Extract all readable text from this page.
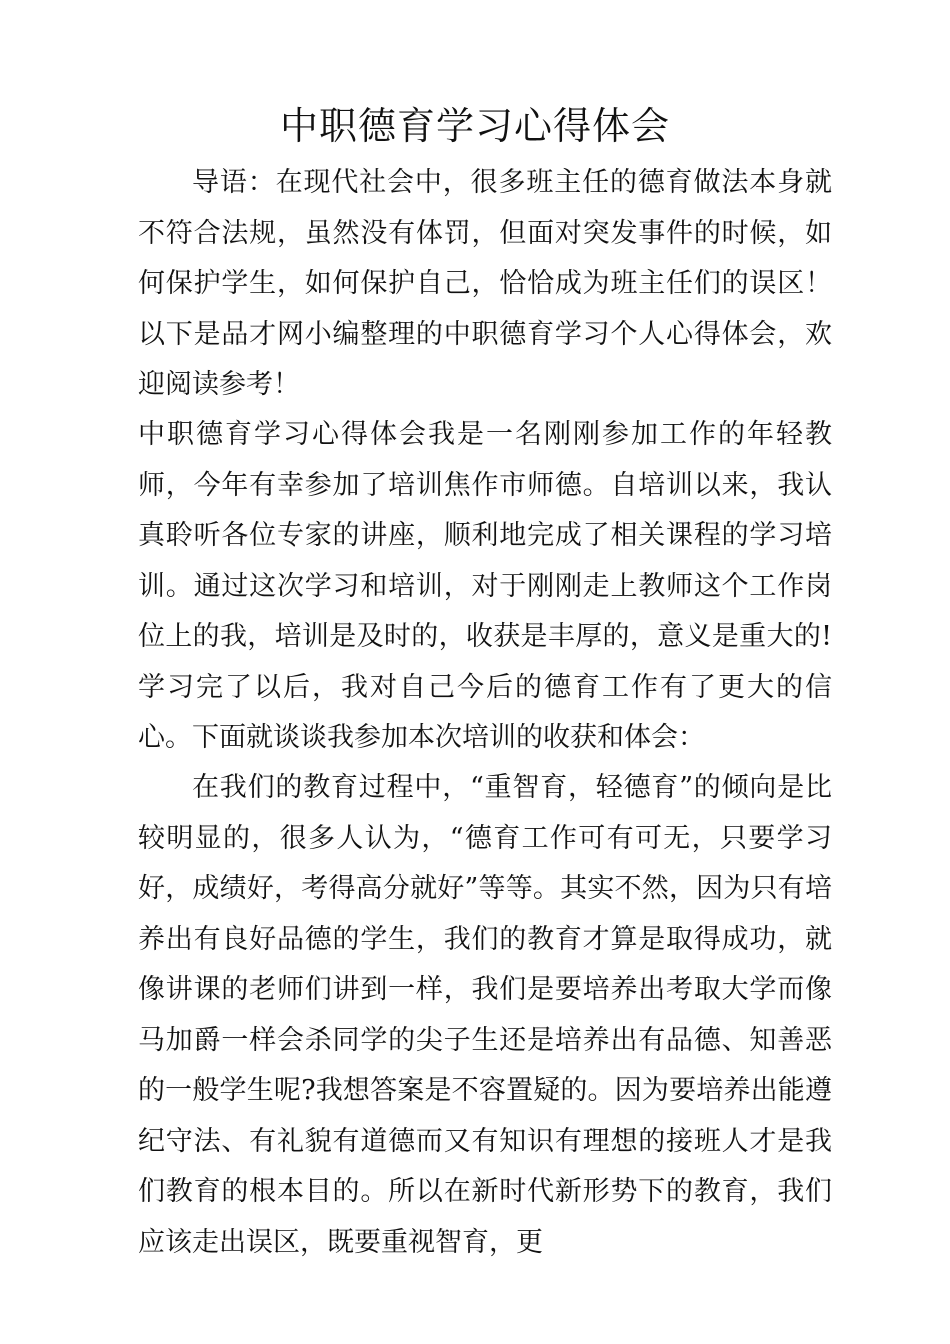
中职德育学习心得体会

导语：在现代社会中，很多班主任的德育做法本身就不符合法规，虽然没有体罚，但面对突发事件的时候，如何保护学生，如何保护自己，恰恰成为班主任们的误区！以下是品才网小编整理的中职德育学习个人心得体会，欢迎阅读参考！

中职德育学习心得体会我是一名刚刚参加工作的年轻教师，今年有幸参加了培训焦作市师德。自培训以来，我认真聆听各位专家的讲座，顺利地完成了相关课程的学习培训。通过这次学习和培训，对于刚刚走上教师这个工作岗位上的我，培训是及时的，收获是丰厚的，意义是重大的!学习完了以后，我对自己今后的德育工作有了更大的信心。下面就谈谈我参加本次培训的收获和体会：

在我们的教育过程中，“重智育，轻德育”的倾向是比较明显的，很多人认为，“德育工作可有可无，只要学习好，成绩好，考得高分就好”等等。其实不然，因为只有培养出有良好品德的学生，我们的教育才算是取得成功，就像讲课的老师们讲到一样，我们是要培养出考取大学而像马加爵一样会杀同学的尖子生还是培养出有品德、知善恶的一般学生呢?我想答案是不容置疑的。因为要培养出能遵纪守法、有礼貌有道德而又有知识有理想的接班人才是我们教育的根本目的。所以在新时代新形势下的教育，我们应该走出误区，既要重视智育，更
